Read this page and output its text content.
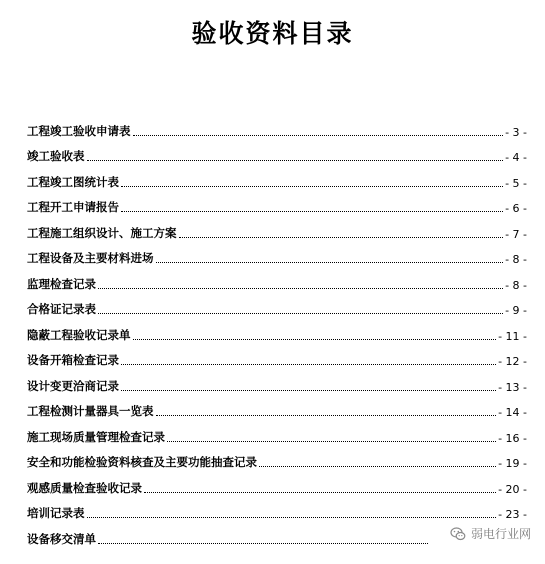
验收资料目录
工程竣工验收申请表	- 3 -
竣工验收表	- 4 -
工程竣工图统计表	- 5 -
工程开工申请报告	- 6 -
工程施工组织设计、施工方案	- 7 -
工程设备及主要材料进场	- 8 -
监理检查记录	- 8 -
合格证记录表	- 9 -
隐蔽工程验收记录单	- 11 -
设备开箱检查记录	- 12 -
设计变更洽商记录	- 13 -
工程检测计量器具一览表	- 14 -
施工现场质量管理检查记录	- 16 -
安全和功能检验资料核查及主要功能抽查记录	- 19 -
观感质量检查验收记录	- 20 -
培训记录表	- 23 -
设备移交清单	弱电行业网
